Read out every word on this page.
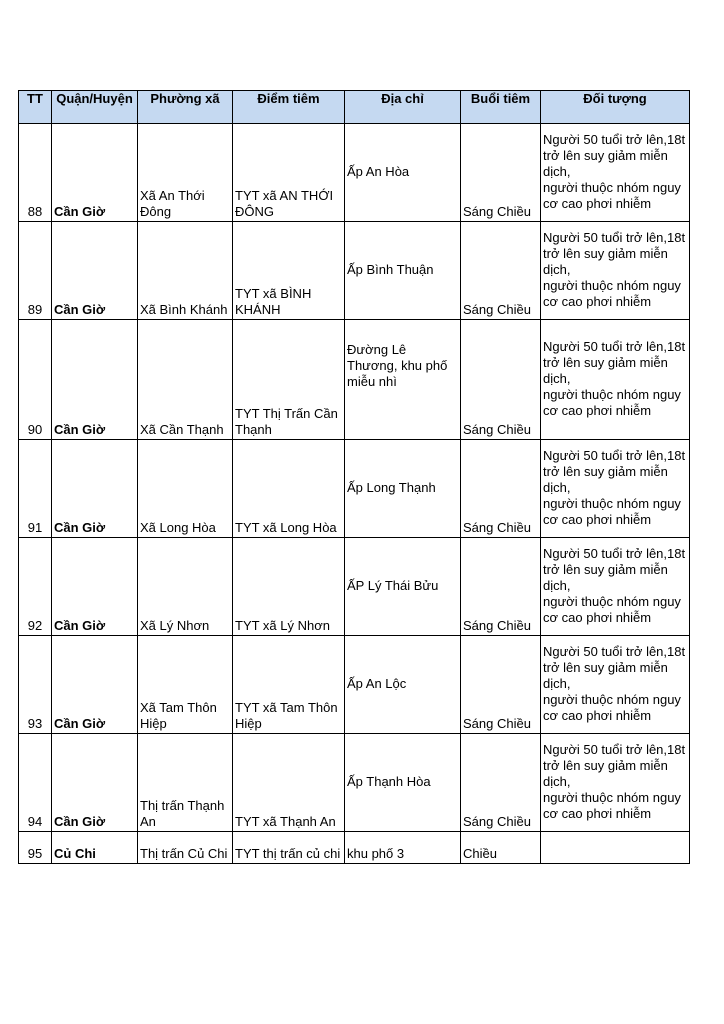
TT	Quận/Huyện	Phường xã	Điểm tiêm	Địa chỉ	Buổi tiêm	Đối tượng
88	Cần Giờ	Xã An Thới Đông	TYT xã AN THỚI ĐÔNG	Ấp An Hòa	Sáng Chiều	Người 50 tuổi trở lên,18t trở lên suy giảm miễn dịch,
người thuộc nhóm nguy cơ cao phơi nhiễm
89	Cần Giờ	Xã Bình Khánh	TYT xã BÌNH KHÁNH	Ấp Bình Thuận	Sáng Chiều	Người 50 tuổi trở lên,18t trở lên suy giảm miễn dịch,
người thuộc nhóm nguy cơ cao phơi nhiễm
90	Cần Giờ	Xã Cần Thạnh	TYT Thị Trấn Cần Thạnh	Đường Lê Thương, khu phố miễu nhì	Sáng Chiều	Người 50 tuổi trở lên,18t trở lên suy giảm miễn dịch,
người thuộc nhóm nguy cơ cao phơi nhiễm
91	Cần Giờ	Xã Long Hòa	TYT xã Long Hòa	Ấp Long Thạnh	Sáng Chiều	Người 50 tuổi trở lên,18t trở lên suy giảm miễn dịch,
người thuộc nhóm nguy cơ cao phơi nhiễm
92	Cần Giờ	Xã Lý Nhơn	TYT xã Lý Nhơn	ẤP Lý Thái Bửu	Sáng Chiều	Người 50 tuổi trở lên,18t trở lên suy giảm miễn dịch,
người thuộc nhóm nguy cơ cao phơi nhiễm
93	Cần Giờ	Xã Tam Thôn Hiệp	TYT xã Tam Thôn Hiệp	Ấp An Lộc	Sáng Chiều	Người 50 tuổi trở lên,18t trở lên suy giảm miễn dịch,
người thuộc nhóm nguy cơ cao phơi nhiễm
94	Cần Giờ	Thị trấn Thạnh An	TYT xã Thạnh An	Ấp Thạnh Hòa	Sáng Chiều	Người 50 tuổi trở lên,18t trở lên suy giảm miễn dịch,
người thuộc nhóm nguy cơ cao phơi nhiễm
95	Củ Chi	Thị trấn Củ Chi	TYT thị trấn củ chi	khu phố 3	Chiều	
